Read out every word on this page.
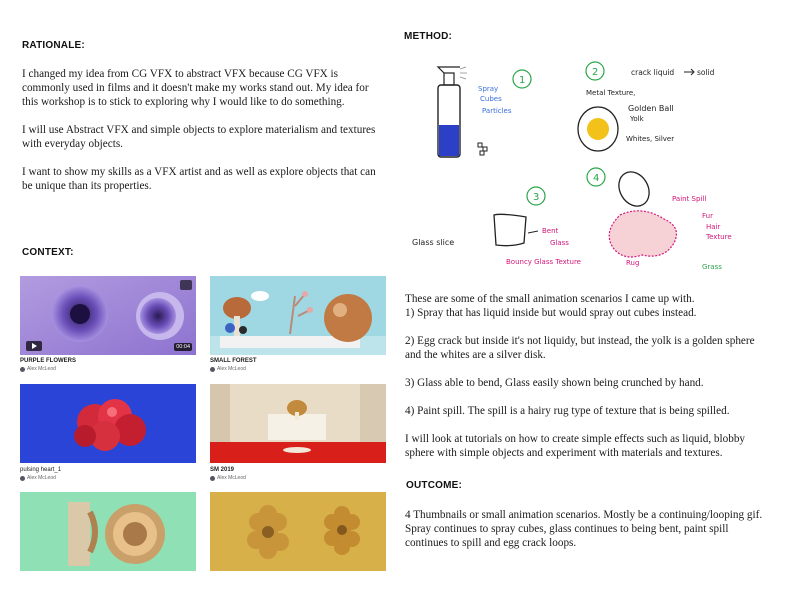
RATIONALE:

I changed my idea from CG VFX to abstract VFX because CG VFX is commonly used in films and it doesn't make my works stand out. My idea for this workshop is to stick to exploring why I would like to do something.

I will use Abstract VFX and simple objects to explore materialism and textures with everyday objects.

I want to show my skills as a VFX artist and as well as explore objects that can be unique than its properties.

CONTEXT:
00:04
PURPLE FLOWERS
Alex McLeod
SMALL FOREST
Alex McLeod
pulsing heart_1
Alex McLeod
SM 2019
Alex McLeod
METHOD:
Spray
Cubes
Particles
1
2	crack liquid	solid
Metal Texture,
Golden Ball
Yolk
Whites, Silver
3
Glass slice
Bent
Glass
Bouncy Glass Texture
4
Paint Spill
Fur
Hair
Texture
Rug	Grass

These are some of the small animation scenarios I came up with.
1) Spray that has liquid inside but would spray out cubes instead.

2) Egg crack but inside it's not liquidy, but instead, the yolk is a golden sphere and the whites are a silver disk.

3) Glass able to bend, Glass easily shown being crunched by hand.

4) Paint spill. The spill is a hairy rug type of texture that is being spilled.

I will look at tutorials on how to create simple effects such as liquid, blobby sphere with simple objects and experiment with materials and textures.

OUTCOME:
4 Thumbnails or small animation scenarios. Mostly be a continuing/looping gif. Spray continues to spray cubes, glass continues to being bent, paint spill continues to spill and egg crack loops.
